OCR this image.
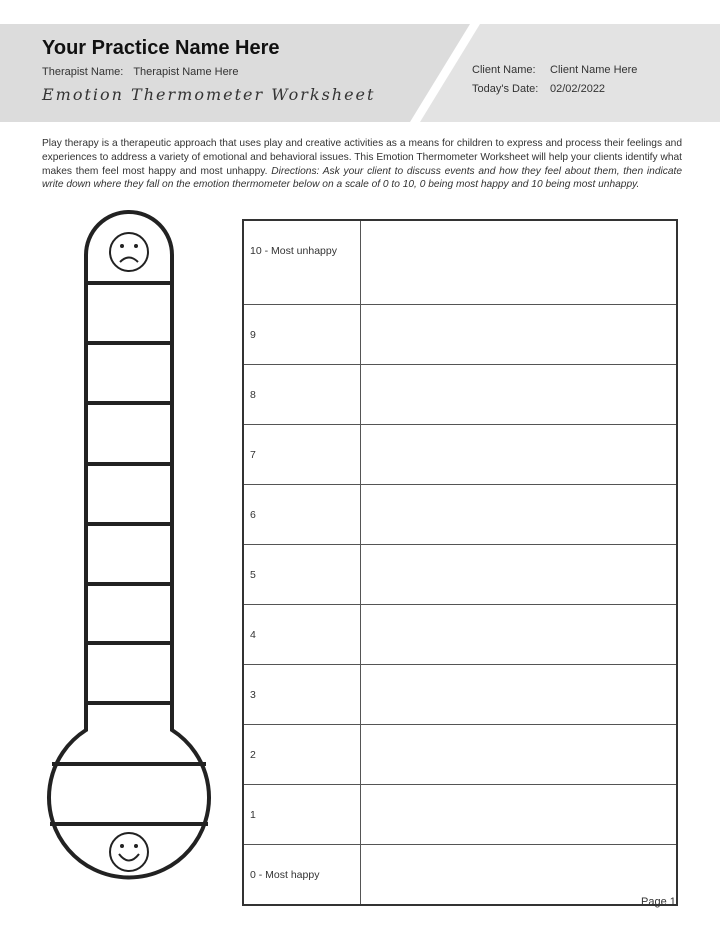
Your Practice Name Here
Therapist Name: Therapist Name Here
Emotion Thermometer Worksheet
Client Name: Client Name Here
Today's Date: 02/02/2022

Play therapy is a therapeutic approach that uses play and creative activities as a means for children to express and process their feelings and experiences to address a variety of emotional and behavioral issues. This Emotion Thermometer Worksheet will help your clients identify what makes them feel most happy and most unhappy. Directions: Ask your client to discuss events and how they feel about them, then indicate write down where they fall on the emotion thermometer below on a scale of 0 to 10, 0 being most happy and 10 being most unhappy.

10 - Most unhappy	
9	
8	
7	
6	
5	
4	
3	
2	
1	
0 - Most happy	
Page 1
